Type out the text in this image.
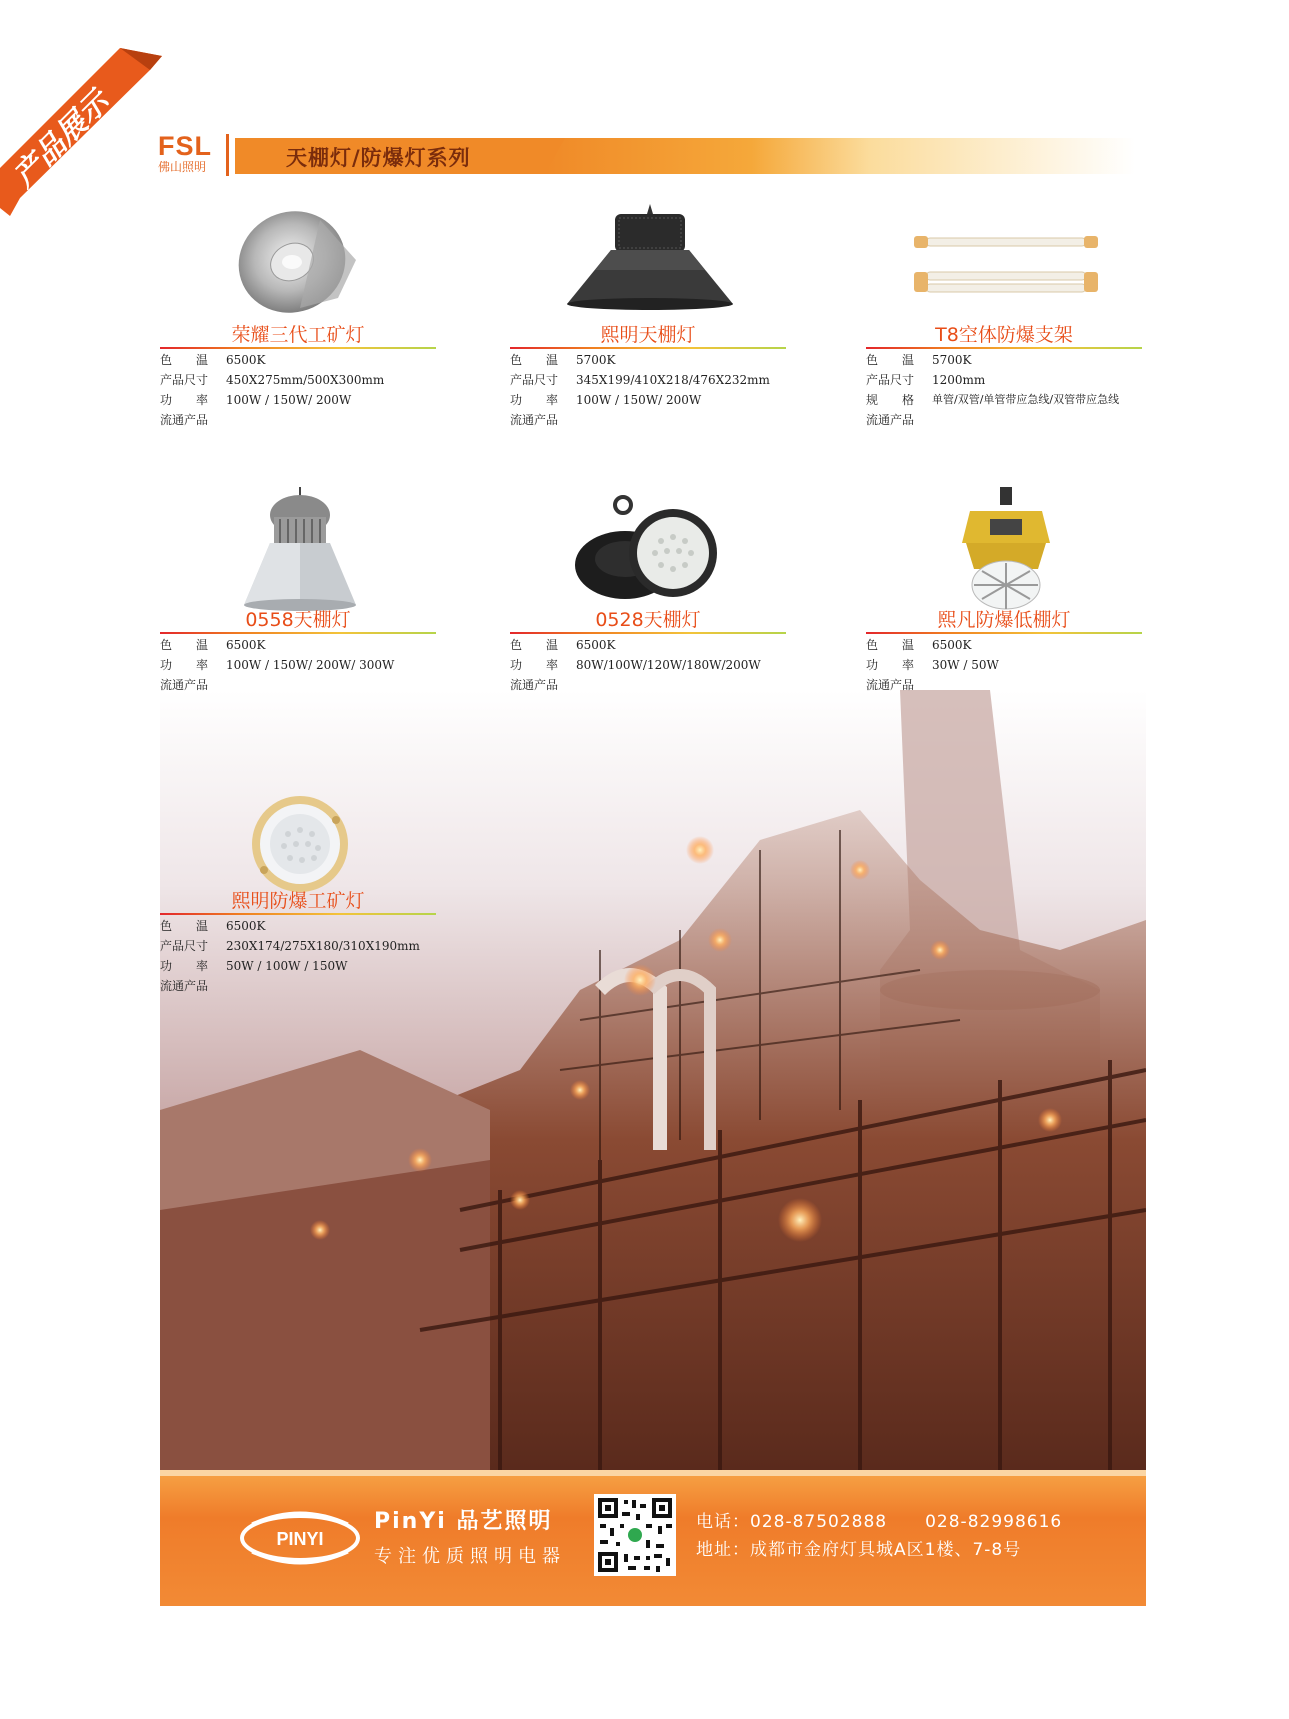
产品展示 FSL
佛山照明	天棚灯/防爆灯系列
荣耀三代工矿灯
色　　温	6500K
产品尺寸	450X275mm/500X300mm
功　　率	100W / 150W/ 200W
流通产品
熙明天棚灯
色　　温	5700K
产品尺寸	345X199/410X218/476X232mm
功　　率	100W / 150W/ 200W
流通产品
T8空体防爆支架
色　　温	5700K
产品尺寸	1200mm
规　　格	单管/双管/单管带应急线/双管带应急线
流通产品
0558天棚灯
色　　温	6500K
功　　率	100W / 150W/ 200W/ 300W
流通产品
0528天棚灯
色　　温	6500K
功　　率	80W/100W/120W/180W/200W
流通产品
熙凡防爆低棚灯
色　　温	6500K
功　　率	30W / 50W
流通产品
熙明防爆工矿灯
色　　温	6500K
产品尺寸	230X174/275X180/310X190mm
功　　率	50W / 100W / 150W
流通产品
PINYI
PinYi 品艺照明
专注优质照明电器
电话：028-87502888 028-82998616
地址：成都市金府灯具城A区1楼、7-8号
